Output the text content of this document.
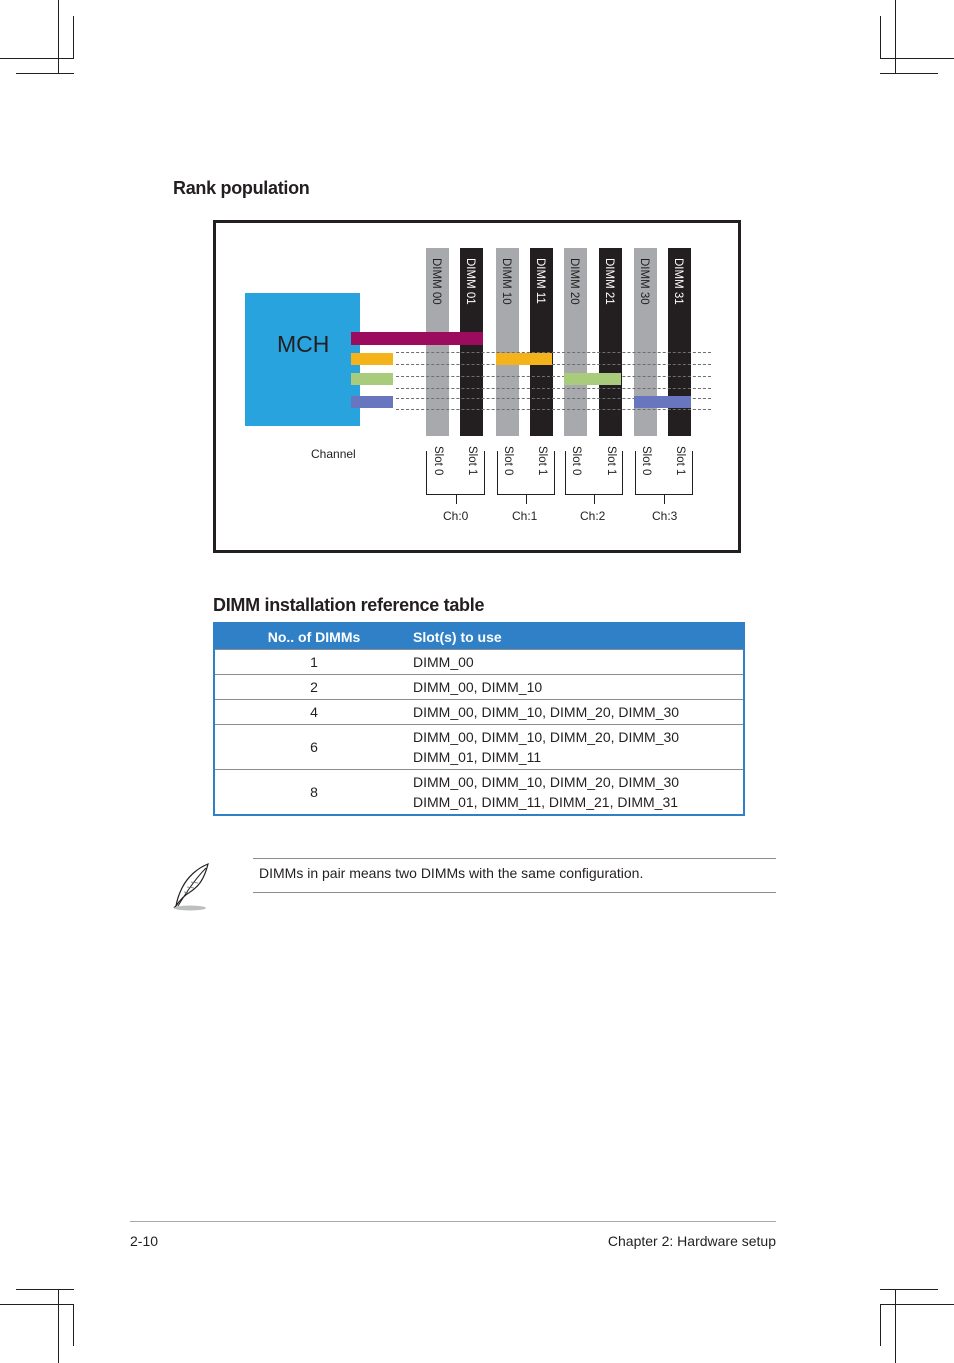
Rank population
MCH
DIMM 00 DIMM 01 DIMM 10 DIMM 11 DIMM 20 DIMM 21 DIMM 30 DIMM 31
Channel	Slot 0 Slot 1 Slot 0 Slot 1 Slot 0 Slot 1 Slot 0 Slot 1
Ch:0	Ch:1	Ch:2	Ch:3
DIMM installation reference table
No.. of DIMMs	Slot(s) to use
1	DIMM_00
2	DIMM_00, DIMM_10
4	DIMM_00, DIMM_10, DIMM_20, DIMM_30
6	DIMM_00, DIMM_10, DIMM_20, DIMM_30
DIMM_01, DIMM_11

8	DIMM_00, DIMM_10, DIMM_20, DIMM_30
DIMM_01, DIMM_11, DIMM_21, DIMM_31
DIMMs in pair means two DIMMs with the same configuration.
2-10	Chapter 2: Hardware setup
